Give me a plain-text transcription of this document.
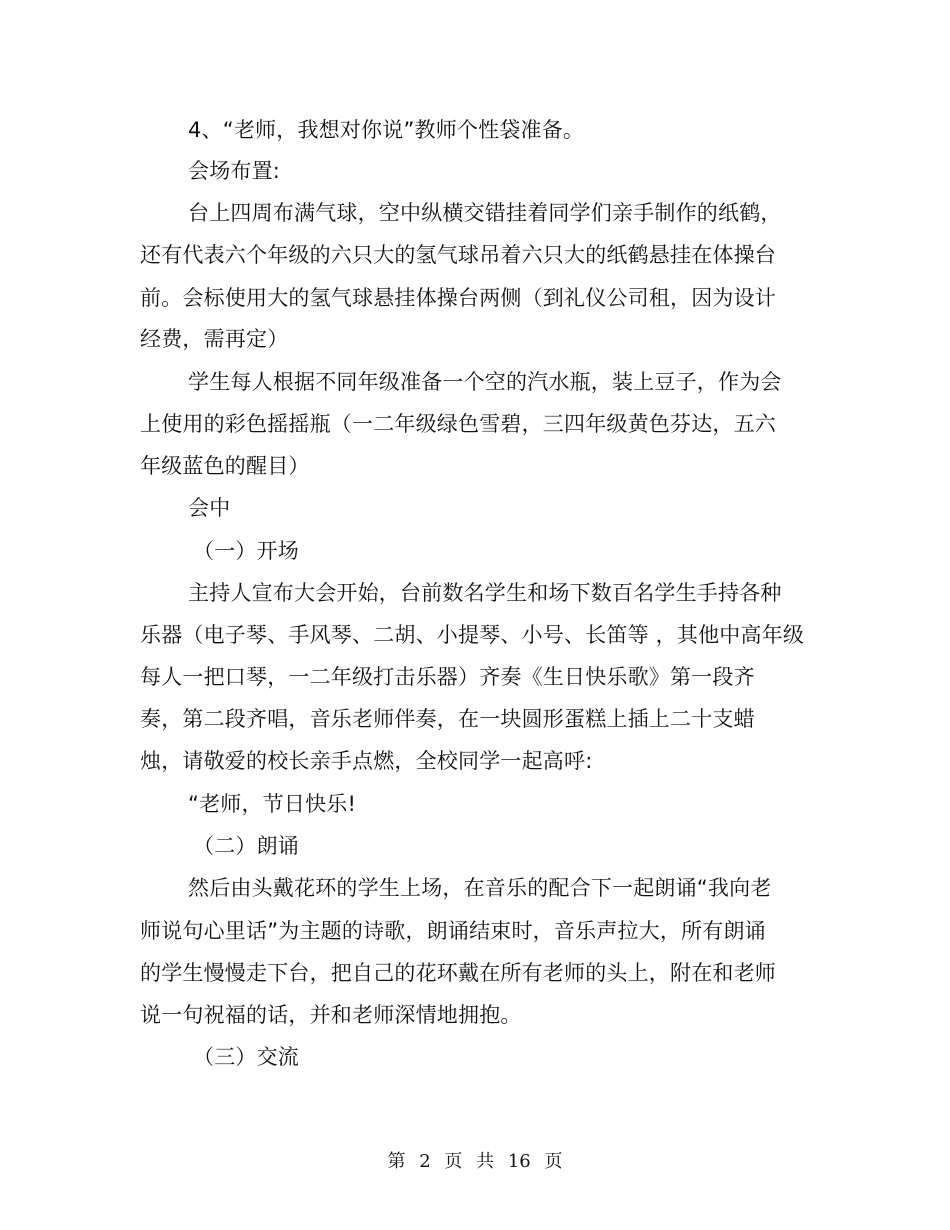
4、“老师，我想对你说”教师个性袋准备。
会场布置:
台上四周布满气球，空中纵横交错挂着同学们亲手制作的纸鹤，
还有代表六个年级的六只大的氢气球吊着六只大的纸鹤悬挂在体操台
前。会标使用大的氢气球悬挂体操台两侧（到礼仪公司租，因为设计
经费，需再定）
学生每人根据不同年级准备一个空的汽水瓶，装上豆子，作为会
上使用的彩色摇摇瓶（一二年级绿色雪碧，三四年级黄色芬达，五六
年级蓝色的醒目）
会中
（一）开场
主持人宣布大会开始，台前数名学生和场下数百名学生手持各种
乐器（电子琴、手风琴、二胡、小提琴、小号、长笛等 ，其他中高年级
每人一把口琴，一二年级打击乐器）齐奏《生日快乐歌》第一段齐
奏，第二段齐唱，音乐老师伴奏，在一块圆形蛋糕上插上二十支蜡
烛，请敬爱的校长亲手点燃，全校同学一起高呼:
“老师，节日快乐!
（二）朗诵
然后由头戴花环的学生上场，在音乐的配合下一起朗诵“我向老
师说句心里话”为主题的诗歌，朗诵结束时，音乐声拉大，所有朗诵
的学生慢慢走下台，把自己的花环戴在所有老师的头上，附在和老师
说一句祝福的话，并和老师深情地拥抱。
（三）交流
第 2 页 共 16 页
